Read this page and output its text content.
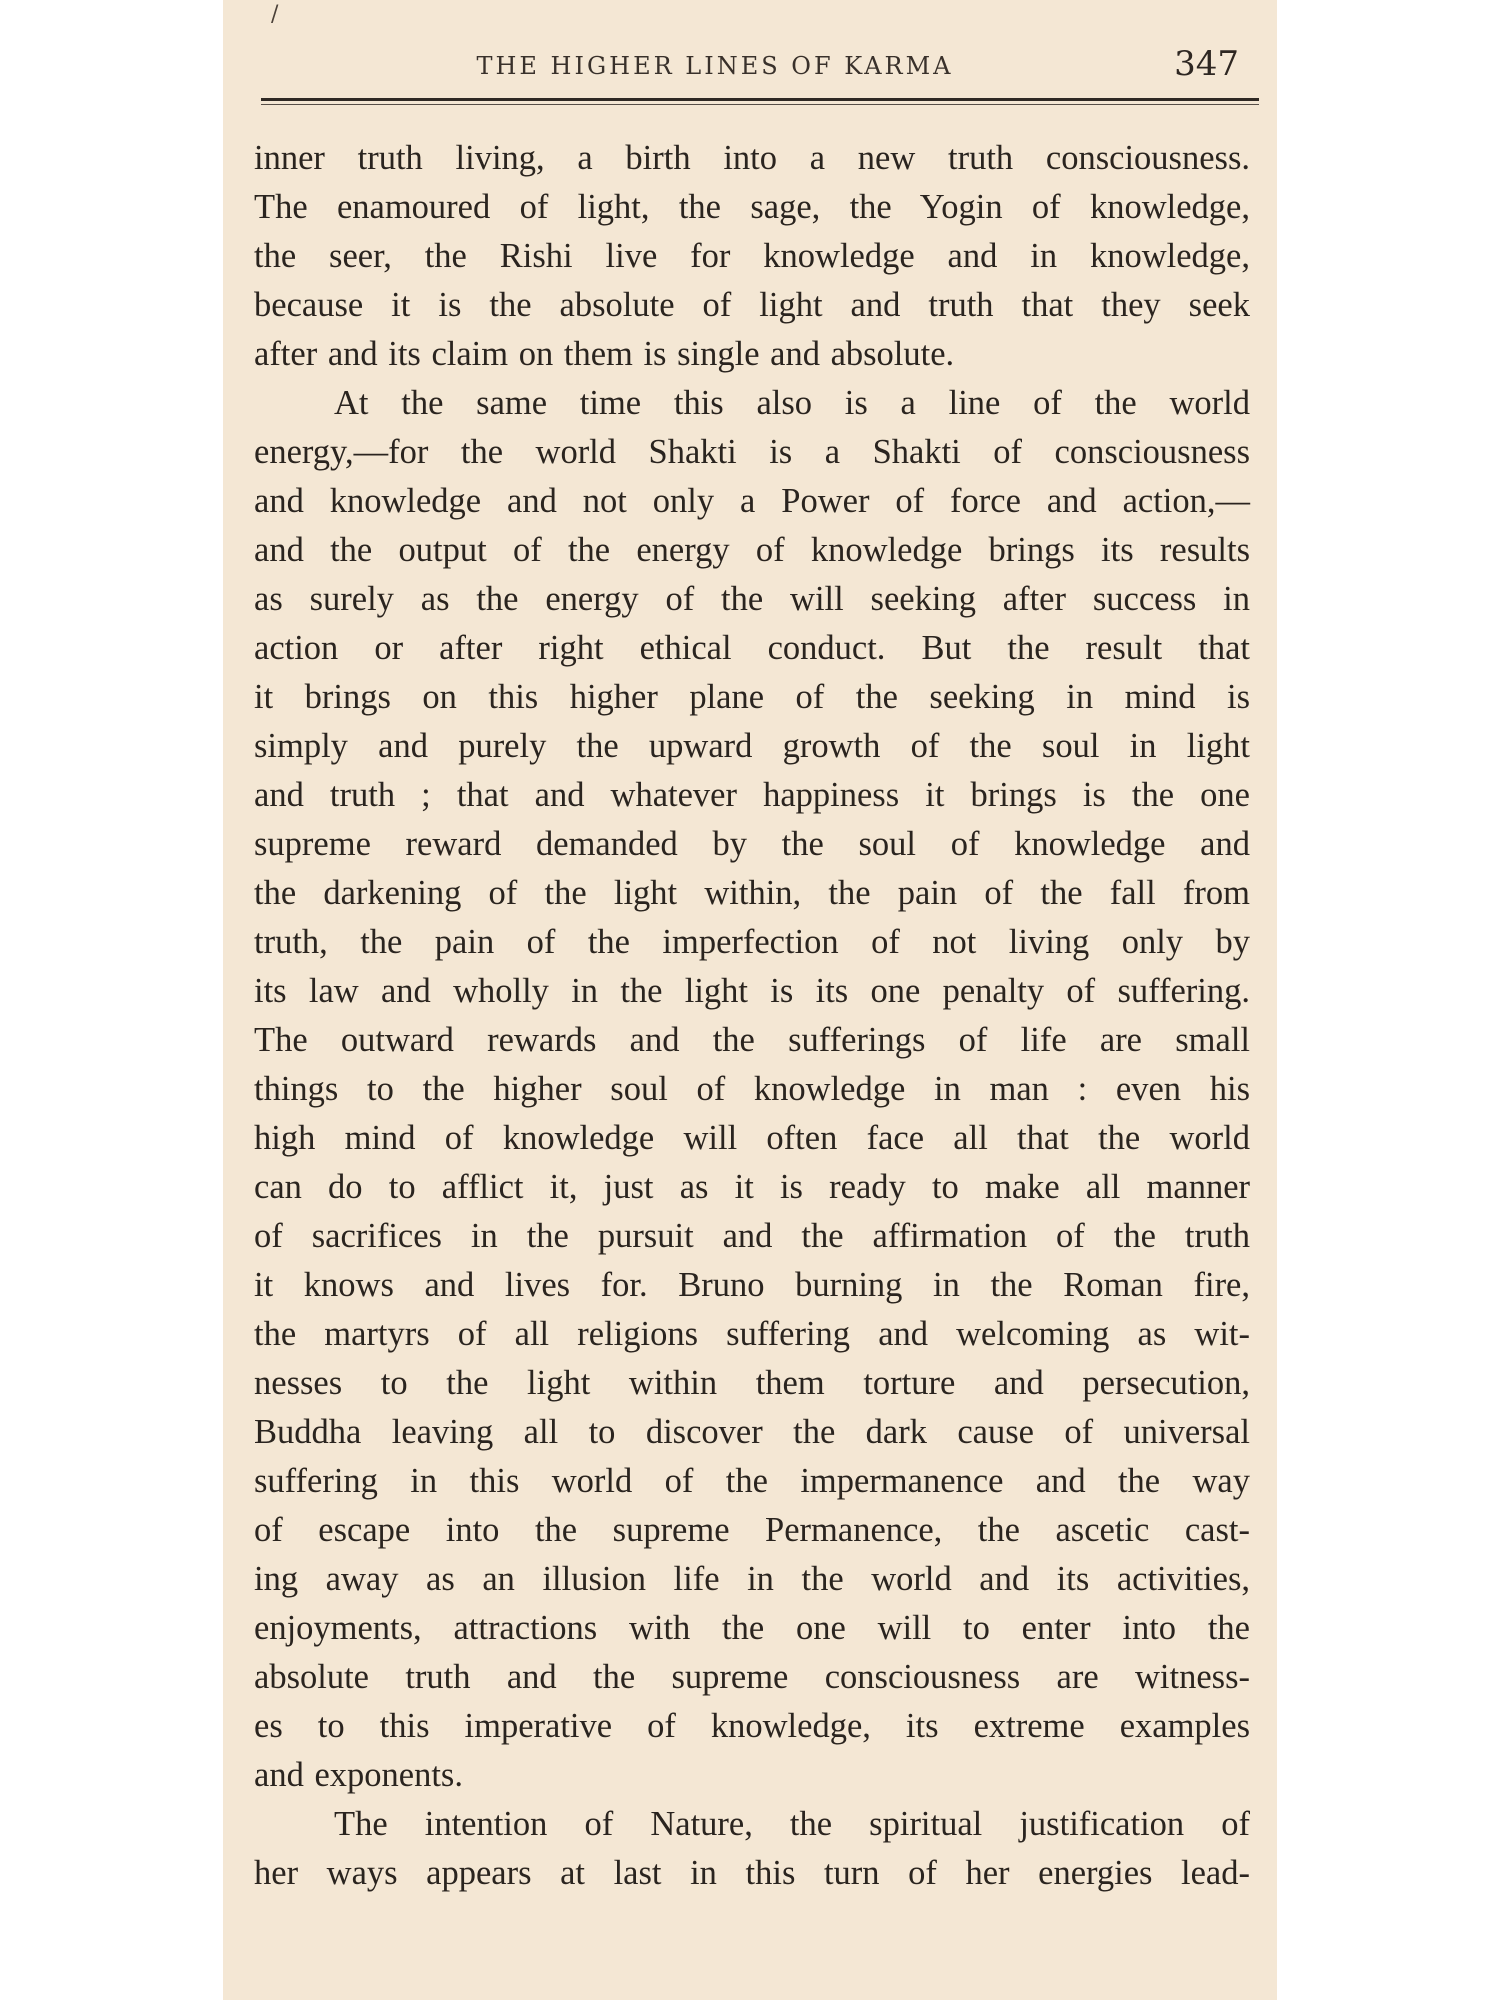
/
THE HIGHER LINES OF KARMA	347
inner truth living, a birth into a new truth consciousness.
The enamoured of light, the sage, the Yogin of knowledge,
the seer, the Rishi live for knowledge and in knowledge,
because it is the absolute of light and truth that they seek
after and its claim on them is single and absolute.
At the same time this also is a line of the world
energy,—for the world Shakti is a Shakti of consciousness
and knowledge and not only a Power of force and action,—
and the output of the energy of knowledge brings its results
as surely as the energy of the will seeking after success in
action or after right ethical conduct. But the result that
it brings on this higher plane of the seeking in mind is
simply and purely the upward growth of the soul in light
and truth ; that and whatever happiness it brings is the one
supreme reward demanded by the soul of knowledge and
the darkening of the light within, the pain of the fall from
truth, the pain of the imperfection of not living only by
its law and wholly in the light is its one penalty of suffering.
The outward rewards and the sufferings of life are small
things to the higher soul of knowledge in man : even his
high mind of knowledge will often face all that the world
can do to afflict it, just as it is ready to make all manner
of sacrifices in the pursuit and the affirmation of the truth
it knows and lives for. Bruno burning in the Roman fire,
the martyrs of all religions suffering and welcoming as wit-
nesses to the light within them torture and persecution,
Buddha leaving all to discover the dark cause of universal
suffering in this world of the impermanence and the way
of escape into the supreme Permanence, the ascetic cast-
ing away as an illusion life in the world and its activities,
enjoyments, attractions with the one will to enter into the
absolute truth and the supreme consciousness are witness-
es to this imperative of knowledge, its extreme examples
and exponents.
The intention of Nature, the spiritual justification of
her ways appears at last in this turn of her energies lead-
